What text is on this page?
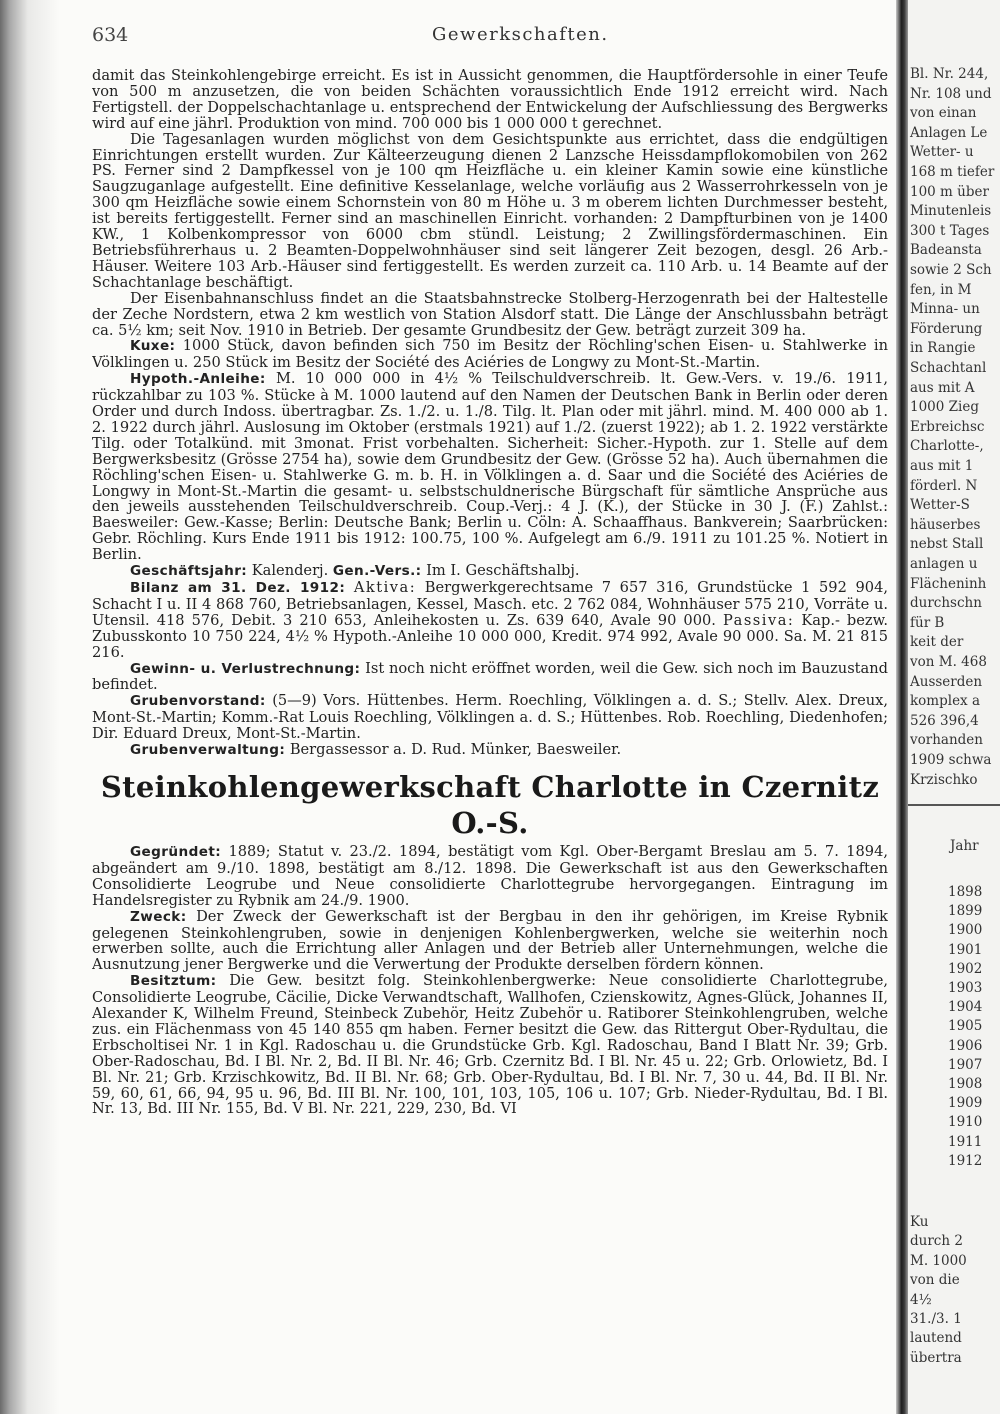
634	Gewerkschaften.

damit das Steinkohlengebirge erreicht. Es ist in Aussicht genommen, die Hauptfördersohle in einer Teufe von 500 m anzusetzen, die von beiden Schächten voraussichtlich Ende 1912 erreicht wird. Nach Fertigstell. der Doppelschachtanlage u. entsprechend der Entwickelung der Aufschliessung des Bergwerks wird auf eine jährl. Produktion von mind. 700 000 bis 1 000 000 t gerechnet.

Die Tagesanlagen wurden möglichst von dem Gesichtspunkte aus errichtet, dass die endgültigen Einrichtungen erstellt wurden. Zur Kälteerzeugung dienen 2 Lanzsche Heissdampflokomobilen von 262 PS. Ferner sind 2 Dampfkessel von je 100 qm Heizfläche u. ein kleiner Kamin sowie eine künstliche Saugzuganlage aufgestellt. Eine definitive Kesselanlage, welche vorläufig aus 2 Wasserrohrkesseln von je 300 qm Heizfläche sowie einem Schornstein von 80 m Höhe u. 3 m oberem lichten Durchmesser besteht, ist bereits fertiggestellt. Ferner sind an maschinellen Einricht. vorhanden: 2 Dampfturbinen von je 1400 KW., 1 Kolbenkompressor von 6000 cbm stündl. Leistung; 2 Zwillingsfördermaschinen. Ein Betriebsführerhaus u. 2 Beamten-Doppelwohnhäuser sind seit längerer Zeit bezogen, desgl. 26 Arb.-Häuser. Weitere 103 Arb.-Häuser sind fertiggestellt. Es werden zurzeit ca. 110 Arb. u. 14 Beamte auf der Schachtanlage beschäftigt.

Der Eisenbahnanschluss findet an die Staatsbahnstrecke Stolberg-Herzogenrath bei der Haltestelle der Zeche Nordstern, etwa 2 km westlich von Station Alsdorf statt. Die Länge der Anschlussbahn beträgt ca. 5½ km; seit Nov. 1910 in Betrieb. Der gesamte Grundbesitz der Gew. beträgt zurzeit 309 ha.

Kuxe: 1000 Stück, davon befinden sich 750 im Besitz der Röchling'schen Eisen- u. Stahlwerke in Völklingen u. 250 Stück im Besitz der Société des Aciéries de Longwy zu Mont-St.-Martin.

Hypoth.-Anleihe: M. 10 000 000 in 4½ % Teilschuldverschreib. lt. Gew.-Vers. v. 19./6. 1911, rückzahlbar zu 103 %. Stücke à M. 1000 lautend auf den Namen der Deutschen Bank in Berlin oder deren Order und durch Indoss. übertragbar. Zs. 1./2. u. 1./8. Tilg. lt. Plan oder mit jährl. mind. M. 400 000 ab 1. 2. 1922 durch jährl. Auslosung im Oktober (erstmals 1921) auf 1./2. (zuerst 1922); ab 1. 2. 1922 verstärkte Tilg. oder Totalkünd. mit 3monat. Frist vorbehalten. Sicherheit: Sicher.-Hypoth. zur 1. Stelle auf dem Bergwerksbesitz (Grösse 2754 ha), sowie dem Grundbesitz der Gew. (Grösse 52 ha). Auch übernahmen die Röchling'schen Eisen- u. Stahlwerke G. m. b. H. in Völklingen a. d. Saar und die Société des Aciéries de Longwy in Mont-St.-Martin die gesamt- u. selbstschuldnerische Bürgschaft für sämtliche Ansprüche aus den jeweils ausstehenden Teilschuldverschreib. Coup.-Verj.: 4 J. (K.), der Stücke in 30 J. (F.) Zahlst.: Baesweiler: Gew.-Kasse; Berlin: Deutsche Bank; Berlin u. Cöln: A. Schaaffhaus. Bankverein; Saarbrücken: Gebr. Röchling. Kurs Ende 1911 bis 1912: 100.75, 100 %. Aufgelegt am 6./9. 1911 zu 101.25 %. Notiert in Berlin.

Geschäftsjahr: Kalenderj. Gen.-Vers.: Im I. Geschäftshalbj.

Bilanz am 31. Dez. 1912: Aktiva: Bergwerkgerechtsame 7 657 316, Grundstücke 1 592 904, Schacht I u. II 4 868 760, Betriebsanlagen, Kessel, Masch. etc. 2 762 084, Wohnhäuser 575 210, Vorräte u. Utensil. 418 576, Debit. 3 210 653, Anleihekosten u. Zs. 639 640, Avale 90 000. Passiva: Kap.- bezw. Zubusskonto 10 750 224, 4½ % Hypoth.-Anleihe 10 000 000, Kredit. 974 992, Avale 90 000. Sa. M. 21 815 216.

Gewinn- u. Verlustrechnung: Ist noch nicht eröffnet worden, weil die Gew. sich noch im Bauzustand befindet.

Grubenvorstand: (5—9) Vors. Hüttenbes. Herm. Roechling, Völklingen a. d. S.; Stellv. Alex. Dreux, Mont-St.-Martin; Komm.-Rat Louis Roechling, Völklingen a. d. S.; Hüttenbes. Rob. Roechling, Diedenhofen; Dir. Eduard Dreux, Mont-St.-Martin.

Grubenverwaltung: Bergassessor a. D. Rud. Münker, Baesweiler.

Steinkohlengewerkschaft Charlotte in Czernitz O.-S.

Gegründet: 1889; Statut v. 23./2. 1894, bestätigt vom Kgl. Ober-Bergamt Breslau am 5. 7. 1894, abgeändert am 9./10. 1898, bestätigt am 8./12. 1898. Die Gewerkschaft ist aus den Gewerkschaften Consolidierte Leogrube und Neue consolidierte Charlottegrube hervorgegangen. Eintragung im Handelsregister zu Rybnik am 24./9. 1900.

Zweck: Der Zweck der Gewerkschaft ist der Bergbau in den ihr gehörigen, im Kreise Rybnik gelegenen Steinkohlengruben, sowie in denjenigen Kohlenbergwerken, welche sie weiterhin noch erwerben sollte, auch die Errichtung aller Anlagen und der Betrieb aller Unternehmungen, welche die Ausnutzung jener Bergwerke und die Verwertung der Produkte derselben fördern können.

Besitztum: Die Gew. besitzt folg. Steinkohlenbergwerke: Neue consolidierte Charlottegrube, Consolidierte Leogrube, Cäcilie, Dicke Verwandtschaft, Wallhofen, Czienskowitz, Agnes-Glück, Johannes II, Alexander K, Wilhelm Freund, Steinbeck Zubehör, Heitz Zubehör u. Ratiborer Steinkohlengruben, welche zus. ein Flächenmass von 45 140 855 qm haben. Ferner besitzt die Gew. das Rittergut Ober-Rydultau, die Erbscholtisei Nr. 1 in Kgl. Radoschau u. die Grundstücke Grb. Kgl. Radoschau, Band I Blatt Nr. 39; Grb. Ober-Radoschau, Bd. I Bl. Nr. 2, Bd. II Bl. Nr. 46; Grb. Czernitz Bd. I Bl. Nr. 45 u. 22; Grb. Orlowietz, Bd. I Bl. Nr. 21; Grb. Krzischkowitz, Bd. II Bl. Nr. 68; Grb. Ober-Rydultau, Bd. I Bl. Nr. 7, 30 u. 44, Bd. II Bl. Nr. 59, 60, 61, 66, 94, 95 u. 96, Bd. III Bl. Nr. 100, 101, 103, 105, 106 u. 107; Grb. Nieder-Rydultau, Bd. I Bl. Nr. 13, Bd. III Nr. 155, Bd. V Bl. Nr. 221, 229, 230, Bd. VI

Bl. Nr. 244,
Nr. 108 und
von einan
Anlagen Le
Wetter- u
168 m tiefer
100 m über
Minutenleis
300 t Tages
Badeansta
sowie 2 Sch
fen, in M
Minna- un
Förderung
in Rangie
Schachtanl
aus mit A
1000 Zieg
Erbreichsc
Charlotte-,
aus mit 1
förderl. N
Wetter-S
häuserbes
nebst Stall
anlagen u
Flächeninh
durchschn
für B
keit der
von M. 468
Ausserden
komplex a
526 396,4
vorhanden
1909 schwa
Krzischko
Jahr
1898
1899
1900
1901
1902
1903
1904
1905
1906
1907
1908
1909
1910
1911
1912
Ku
durch 2
M. 1000
von die
4½
31./3. 1
lautend
übertra
